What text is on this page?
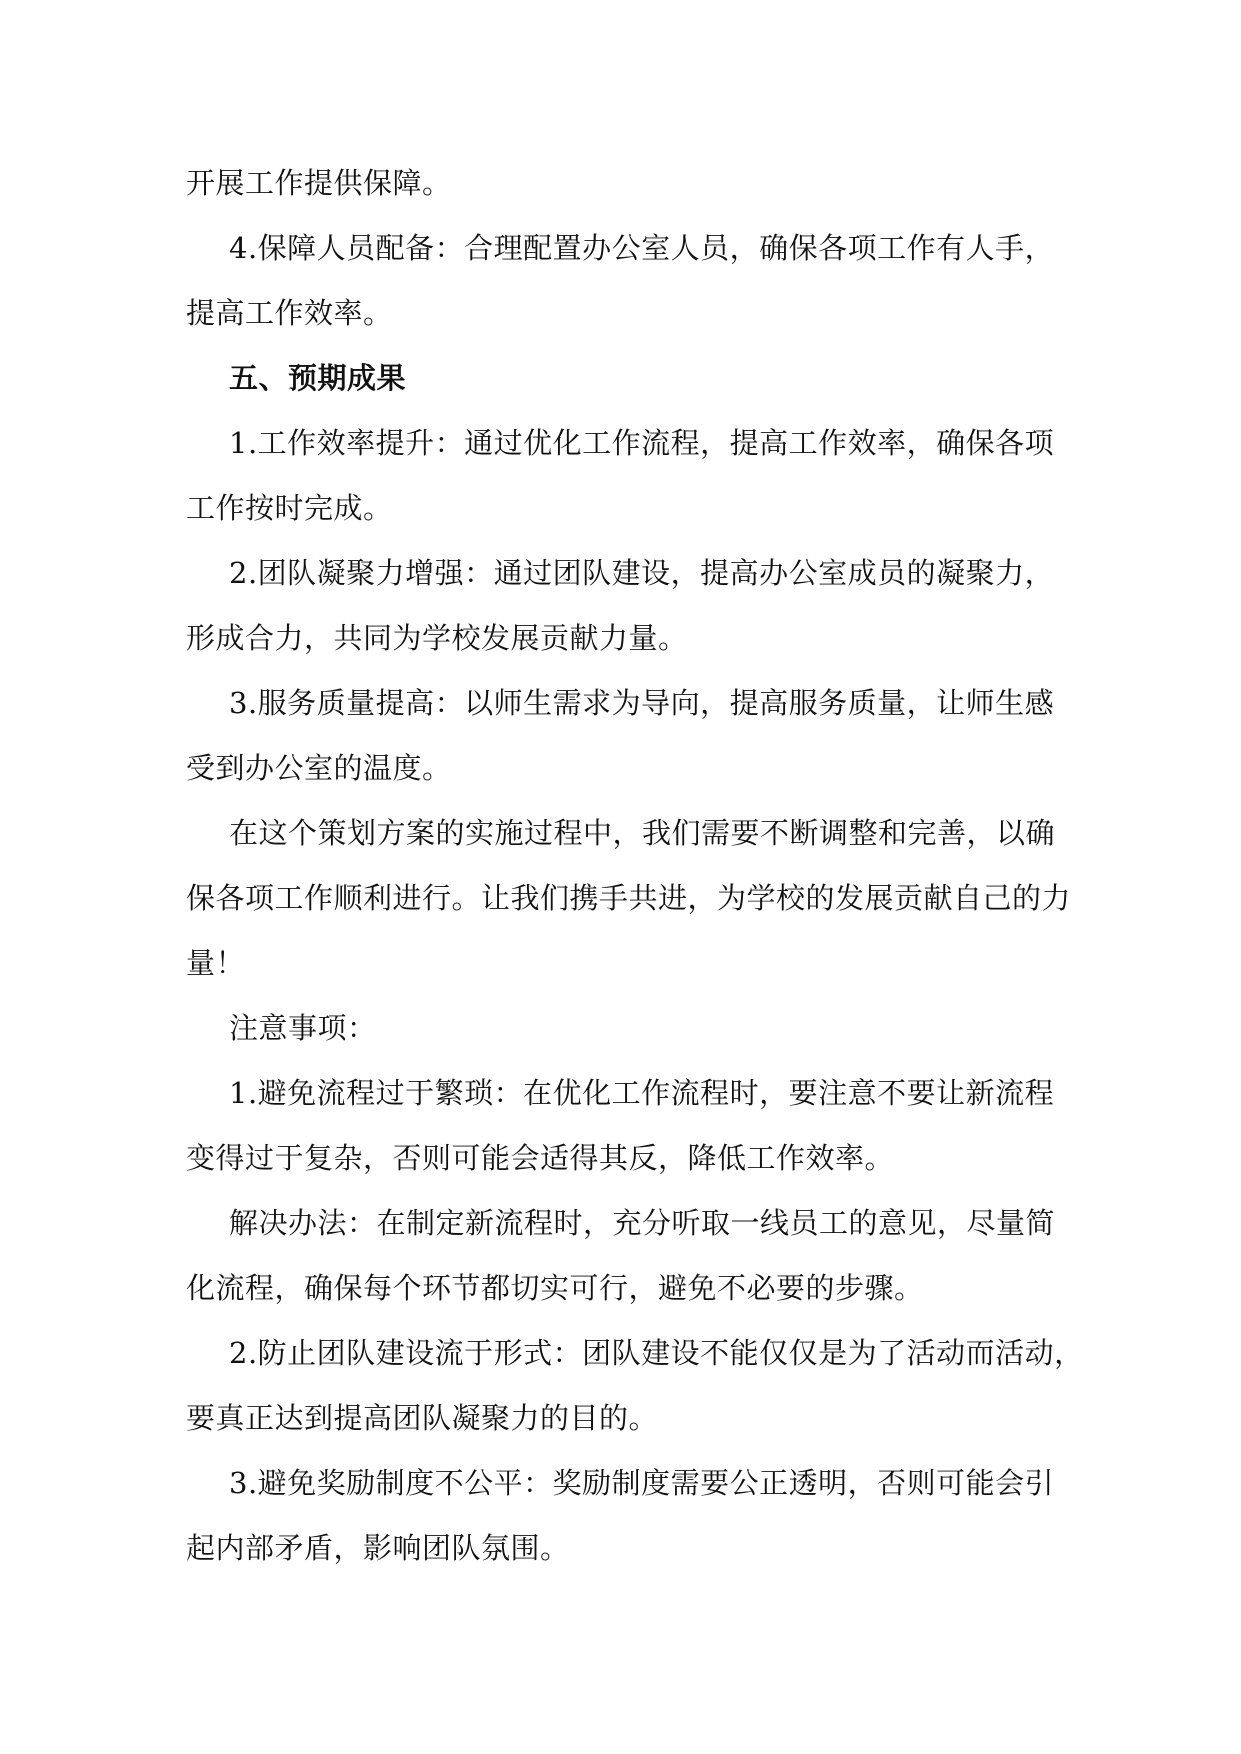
开展工作提供保障。
4.保障人员配备：合理配置办公室人员，确保各项工作有人手，
提高工作效率。
五、预期成果
1.工作效率提升：通过优化工作流程，提高工作效率，确保各项
工作按时完成。
2.团队凝聚力增强：通过团队建设，提高办公室成员的凝聚力，
形成合力，共同为学校发展贡献力量。
3.服务质量提高：以师生需求为导向，提高服务质量，让师生感
受到办公室的温度。
在这个策划方案的实施过程中，我们需要不断调整和完善，以确
保各项工作顺利进行。让我们携手共进，为学校的发展贡献自己的力
量！
注意事项：
1.避免流程过于繁琐：在优化工作流程时，要注意不要让新流程
变得过于复杂，否则可能会适得其反，降低工作效率。
解决办法：在制定新流程时，充分听取一线员工的意见，尽量简
化流程，确保每个环节都切实可行，避免不必要的步骤。
2.防止团队建设流于形式：团队建设不能仅仅是为了活动而活动，
要真正达到提高团队凝聚力的目的。
3.避免奖励制度不公平：奖励制度需要公正透明，否则可能会引
起内部矛盾，影响团队氛围。
